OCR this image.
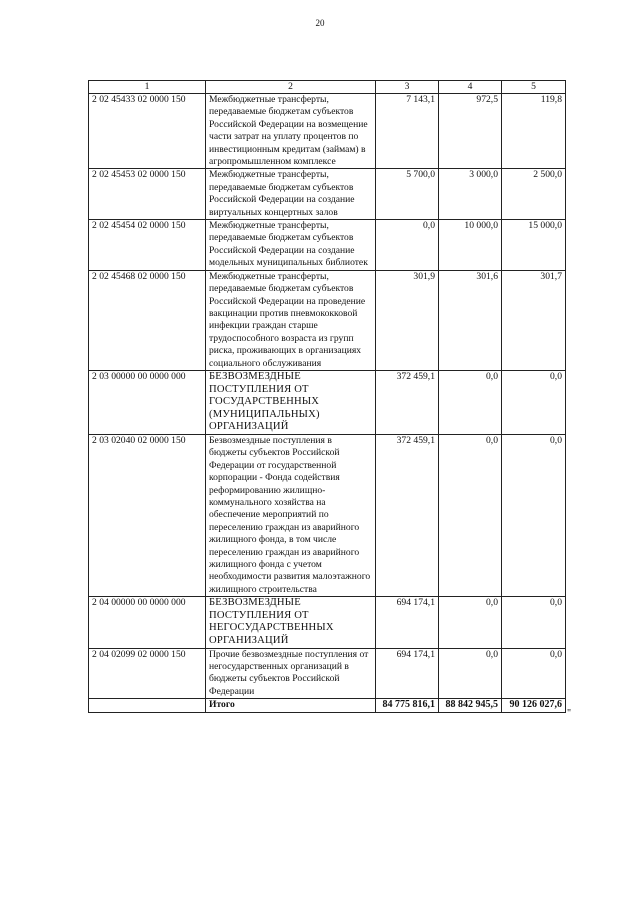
20
1	2	3	4	5
2 02 45433 02 0000 150	Межбюджетные трансферты, передаваемые бюджетам субъектов Российской Федерации на возмещение части затрат на уплату процентов по инвестиционным кредитам (займам) в агропромышленном комплексе	7 143,1	972,5	119,8
2 02 45453 02 0000 150	Межбюджетные трансферты, передаваемые бюджетам субъектов Российской Федерации на создание виртуальных концертных залов	5 700,0	3 000,0	2 500,0
2 02 45454 02 0000 150	Межбюджетные трансферты, передаваемые бюджетам субъектов Российской Федерации на создание модельных муниципальных библиотек	0,0	10 000,0	15 000,0
2 02 45468 02 0000 150	Межбюджетные трансферты, передаваемые бюджетам субъектов Российской Федерации на проведение вакцинации против пневмококковой инфекции граждан старше трудоспособного возраста из групп риска, проживающих в организациях социального обслуживания	301,9	301,6	301,7
2 03 00000 00 0000 000	БЕЗВОЗМЕЗДНЫЕ ПОСТУПЛЕНИЯ ОТ ГОСУДАРСТВЕННЫХ (МУНИЦИПАЛЬНЫХ) ОРГАНИЗАЦИЙ	372 459,1	0,0	0,0
2 03 02040 02 0000 150	Безвозмездные поступления в бюджеты субъектов Российской Федерации от государственной корпорации - Фонда содействия реформированию жилищно-коммунального хозяйства на обеспечение мероприятий по переселению граждан из аварийного жилищного фонда, в том числе переселению граждан из аварийного жилищного фонда с учетом необходимости развития малоэтажного жилищного строительства	372 459,1	0,0	0,0
2 04 00000 00 0000 000	БЕЗВОЗМЕЗДНЫЕ ПОСТУПЛЕНИЯ ОТ НЕГОСУДАРСТВЕННЫХ ОРГАНИЗАЦИЙ	694 174,1	0,0	0,0
2 04 02099 02 0000 150	Прочие безвозмездные поступления от негосударственных организаций в бюджеты субъектов Российской Федерации	694 174,1	0,0	0,0
	Итого	84 775 816,1	88 842 945,5	90 126 027,6
"
